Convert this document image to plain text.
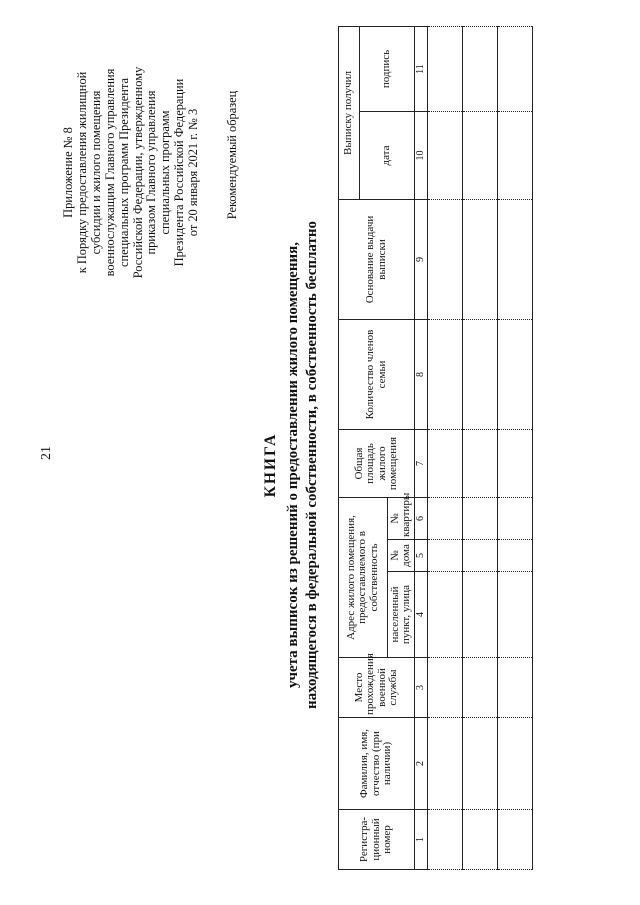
21
Приложение № 8 к Порядку предоставления жилищной субсидии и жилого помещения военнослужащим Главного управления специальных программ Президента Российской Федерации, утвержденному приказом Главного управления специальных программ Президента Российской Федерации от 20 января 2021 г. № 3 Рекомендуемый образец
КНИГА учета выписок из решений о предоставлении жилого помещения, находящегося в федеральной собственности, в собственность бесплатно
Регистра-ционный номер	Фамилия, имя, отчество (при наличии)	Место прохождения военной службы	Адрес жилого помещения, предоставляемого в собственность			Общая площадь жилого помещения	Количество членов семьи	Основание выдачи выписки	Выписку получил	
									дата	подпись
			населенный пункт, улица	№ дома	№ квартиры					
1	2	3	4	5	6	7	8	9	10	11
